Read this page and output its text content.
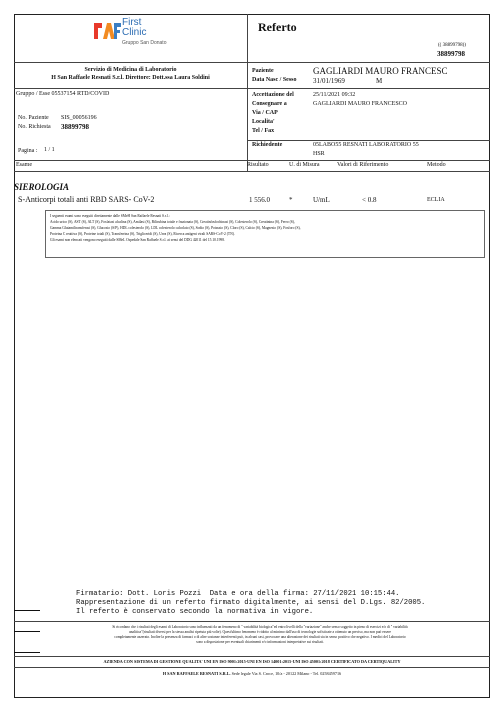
First
Clinic
Gruppo San Donato
Referto
(( 38899798))
38899798
Servizio di Medicina di Laboratorio
H San Raffaele Resnati S.r.l. Direttore: Dott.ssa Laura Soldini
Paziente
Data Nasc / Sesso
GAGLIARDI MAURO FRANCESC
31/01/1969	M
Gruppo / Esse 05537154 RTD/COVID
No. Paziente SIS_00056196
No. Richiesta 38899798
Pagina : 1 / 1
Accettazione del	25/11/2021 09:32
Consegnare a	GAGLIARDI MAURO FRANCESCO
Via / CAP
Localita'
Tel / Fax
Richiedente	05LABO55 RESNATI LABORATORIO 55
HSR
Esame	Risultato	U. di Misura	Valori di Riferimento	Metodo
SIEROLOGIA
S-Anticorpi totali anti RBD SARS- CoV-2	1 556.0	*	U/mL	< 0.8	ECLIA

I seguenti esami sono eseguiti direttamente dalle SMeH San Raffaele Resnati S.r.l.:

Acido urico (S), AST (S), ALT (S), Fosfatasi alcalina (S), Amilasi (S), Bilirubina totale e frazionata (S), Creatinfosfochinasi (S), Colesterolo (S), Creatinina (S), Ferro (S),

Gamma Glutamiltransferasi (S), Glucosio (S/P), HDL colesterolo (S), LDL colesterolo calcolato (S), Sodio (S), Potassio (S), Cloro (S), Calcio (S), Magnesio (S), Fosforo (S),

Proteina C reattiva (S), Proteine totali (S), Transferrina (S), Trigliceridi (S), Urea (S), Ricerca antigeni virali SARS-CoV-2 (TN).

Gli esami non elencati vengono eseguiti dalle SMeL Ospedale San Raffaele S.r.l. ai sensi del DDG 42011 del 15.10.1998.

Firmatario: Dott. Loris Pozzi  Data e ora della firma: 27/11/2021 10:15:44.
Rappresentazione di un referto firmato digitalmente, ai sensi del D.Lgs. 82/2005.
Il referto è conservato secondo la normativa in vigore.
Si ricordano che i risultati degli esami di Laboratorio sono influenzati da un fenomeno di " variabilità biologica"ed entro livelli della "variazione" anche senso soggetto in pieno di esercizi e/o di " variabilità
analitica"(risultati diversi per la stessa analisi ripetuta più volte). Quest'ultimo fenomeno è ridotto al minimo dall'uso di tecnologie sofisticate a ottenuto un preciso, ma non può essere
completamente azzerato. Inoltre la presenza di farmaci o di altre sostanze interferenti può, in alcuni casi, provocare una alterazione dei risultati sia in senso positivo che negativo. I medici del Laboratorio
sono a disposizione per eventuali chiarimenti e/o informazioni interpretative sui risultati.
AZIENDA CON SISTEMA DI GESTIONE QUALITA' UNI EN ISO 9001:2015-UNI EN ISO 14001:2015-UNI ISO 45001:2018 CERTIFICATO DA CERTIQUALITY
H SAN RAFFAELE RESNATI S.R.L. Sede legale Via S. Croce, 10/a - 20122 Milano - Tel. 0258459716
